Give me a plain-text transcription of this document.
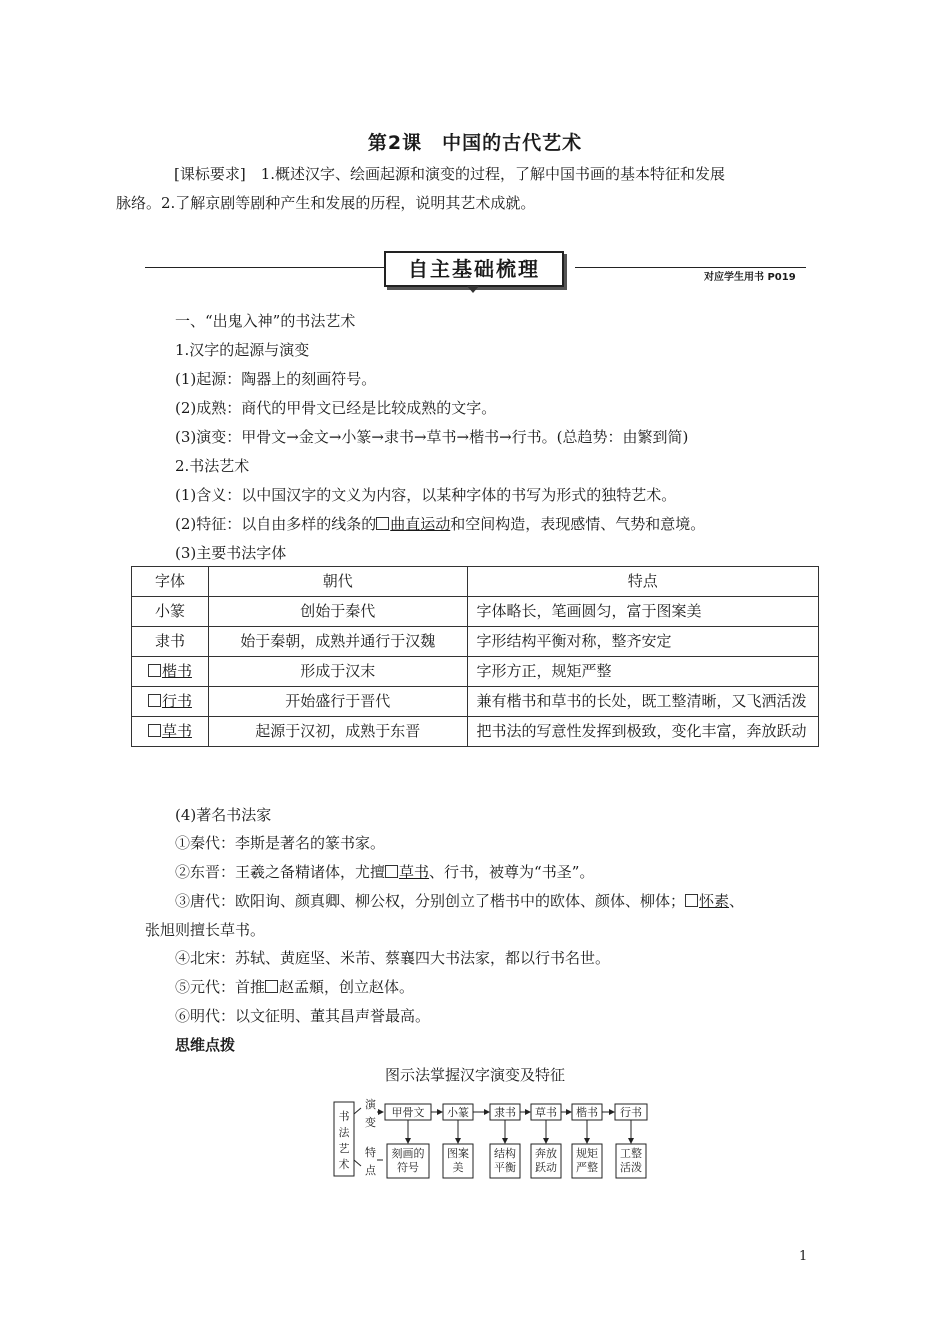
第2课　中国的古代艺术
[课标要求]　1.概述汉字、绘画起源和演变的过程，了解中国书画的基本特征和发展
脉络。2.了解京剧等剧种产生和发展的历程，说明其艺术成就。
自主基础梳理	对应学生用书 P019
一、“出鬼入神”的书法艺术
1.汉字的起源与演变
(1)起源：陶器上的刻画符号。
(2)成熟：商代的甲骨文已经是比较成熟的文字。
(3)演变：甲骨文→金文→小篆→隶书→草书→楷书→行书。(总趋势：由繁到简)
2.书法艺术
(1)含义：以中国汉字的文义为内容，以某种字体的书写为形式的独特艺术。
(2)特征：以自由多样的线条的 曲直运动和空间构造，表现感情、气势和意境。
(3)主要书法字体
字体	朝代	特点
小篆	创始于秦代	字体略长，笔画圆匀，富于图案美
隶书	始于秦朝，成熟并通行于汉魏	字形结构平衡对称，整齐安定
楷书	形成于汉末	字形方正，规矩严整
行书	开始盛行于晋代	兼有楷书和草书的长处，既工整清晰，又飞洒活泼
草书	起源于汉初，成熟于东晋	把书法的写意性发挥到极致，变化丰富，奔放跃动
(4)著名书法家
①秦代：李斯是著名的篆书家。
②东晋：王羲之备精诸体，尤擅 草书、行书，被尊为“书圣”。
③唐代：欧阳询、颜真卿、柳公权，分别创立了楷书中的欧体、颜体、柳体； 怀素、
张旭则擅长草书。
④北宋：苏轼、黄庭坚、米芾、蔡襄四大书法家，都以行书名世。
⑤元代：首推 赵孟頫，创立赵体。
⑥明代：以文征明、董其昌声誉最高。
思维点拨
图示法掌握汉字演变及特征
书
法
艺
术
演
变
特
点
甲骨文
刻画的
符号
小篆
图案
美
隶书
结构
平衡
草书
奔放
跃动
楷书
规矩
严整
行书
工整
活泼
1
